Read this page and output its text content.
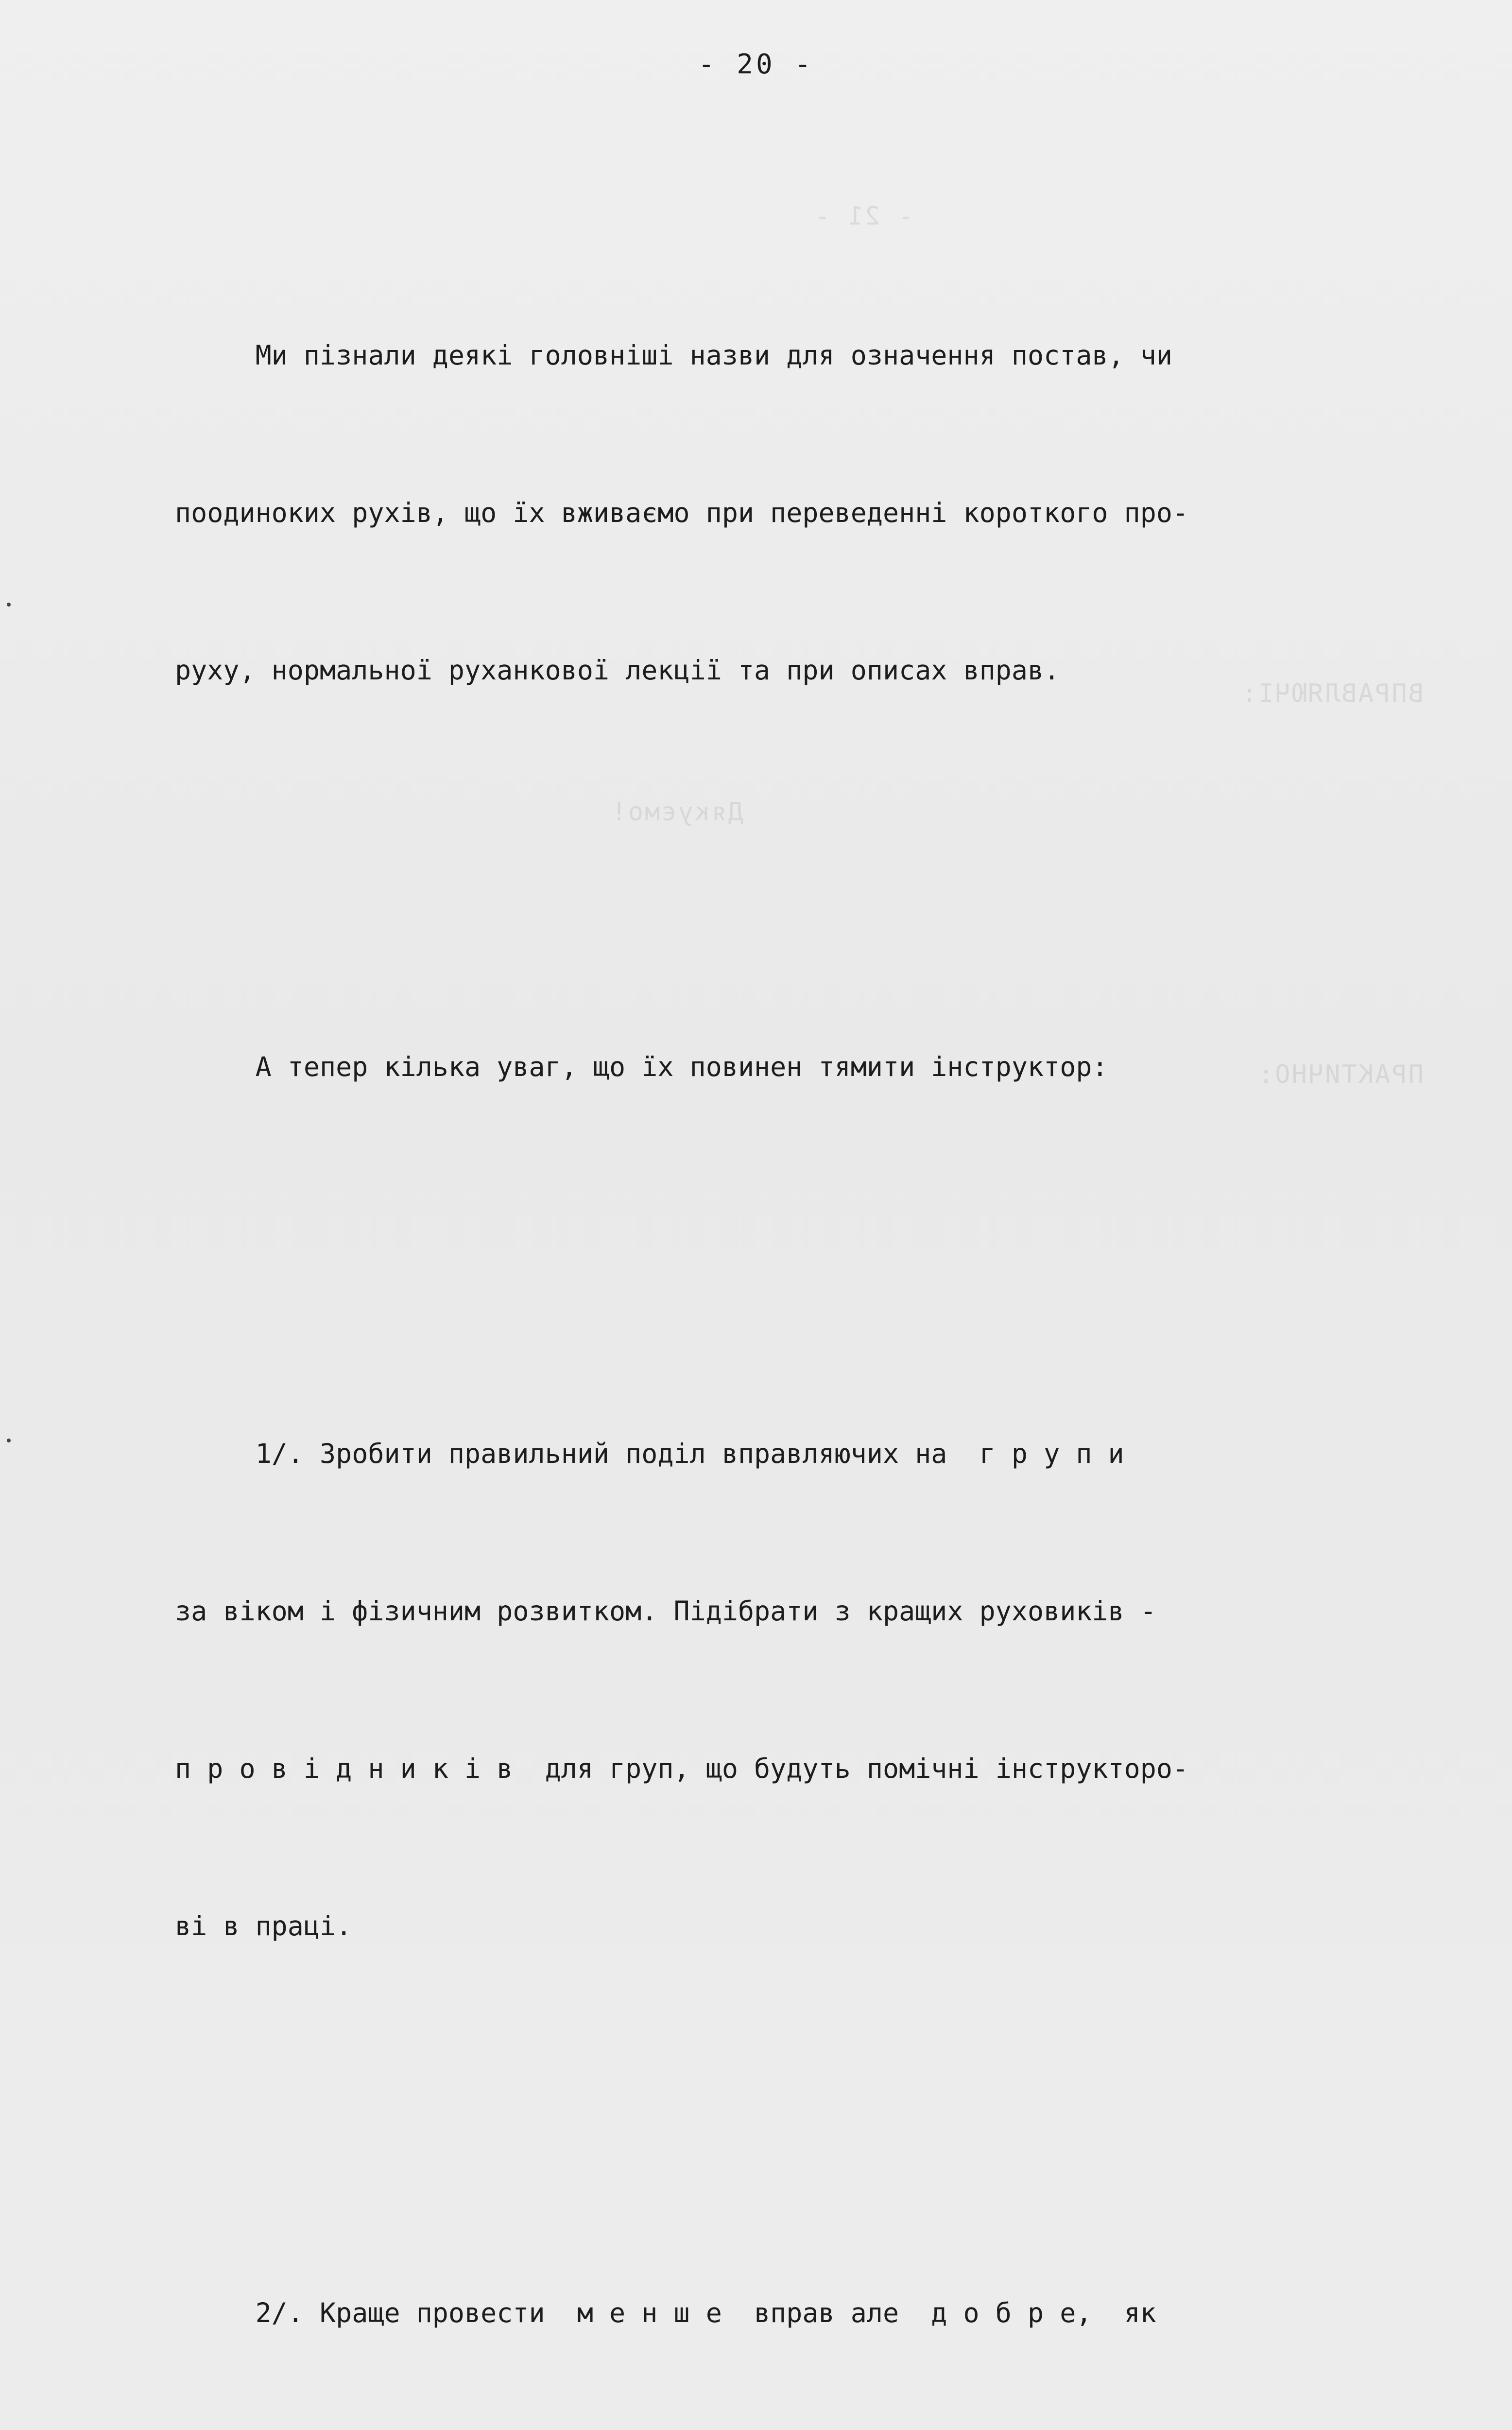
- 21 -

ПРАКТИЧНО:

ВПРАВЛЯЮЧІ:

Дякуємо!

- 20 -

Ми пізнали деякі головніші назви для означення постав, чи

поодиноких рухів, що їх вживаємо при переведенні короткого про-

руху, нормальної руханкової лекції та при описах вправ.

А тепер кілька уваг, що їх повинен тямити інструктор:

1/. Зробити правильний поділ вправляючих на  г р у п и

за віком і фізичним розвитком. Підібрати з кращих руховиків -

п р о в і д н и к і в  для груп, що будуть помічні інструкторо-

ві в праці.

2/. Краще провести  м е н ш е  вправ але  д о б р е,  як
